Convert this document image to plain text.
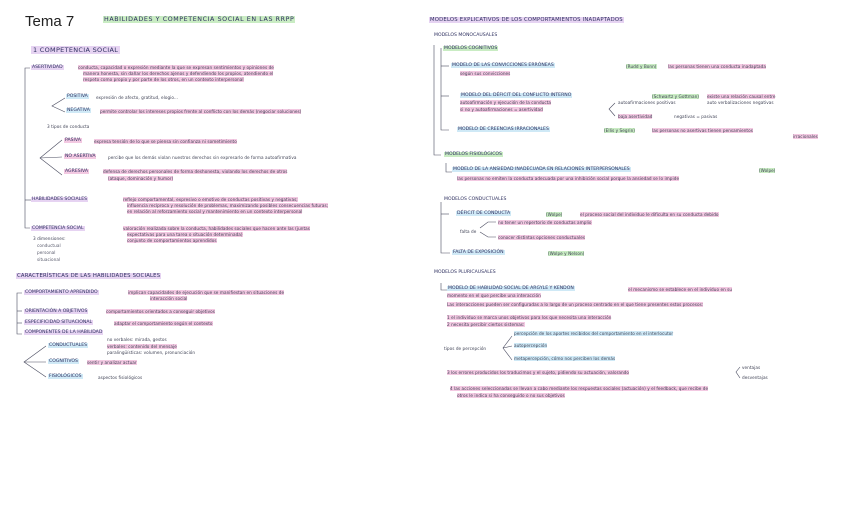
Tema 7	HABILIDADES Y COMPETENCIA SOCIAL EN LAS RRPP
1 COMPETENCIA SOCIAL
ASERTIVIDAD	conducta, capacidad o expresión mediante la que se expresan sentimientos y opiniones de
manera honesta, sin dañar los derechos ajenos y defendiendo los propios, atendiendo el
respeto como propio y por parte de los otros, en un contexto interpersonal
POSITIVA expresión de afecto, gratitud, elogio...
NEGATIVA permite controlar los intereses propios frente al conflicto con los demás (negociar soluciones)
3 tipos de conducta
PASIVA	expresa tensión de lo que se piensa sin confianza ni sometimiento
NO ASERTIVA	percibe que los demás violan nuestros derechos sin expresarlo de forma autoafirmativa
AGRESIVA	defensa de derechos personales de forma deshonesta, violando los derechos de otros
(ataque, dominación y humor)
HABILIDADES SOCIALES	reflejo comportamental, expresivo o emotivo de conductas positivas y negativas;
influencia recíproca y resolución de problemas, maximizando posibles consecuencias futuras;
en relación al reforzamiento social y mantenimiento en un contexto interpersonal
COMPETENCIA SOCIAL	valoración realizada sobre la conducta, habilidades sociales que hacen ante las (juntas
expectativas para una tarea o situación determinada)
conjunto de comportamientos aprendidos
3 dimensiones:
conductual
personal
situacional
CARACTERÍSTICAS DE LAS HABILIDADES SOCIALES
COMPORTAMIENTO APRENDIDO	implican capacidades de ejecución que se manifiestan en situaciones de
interacción social
ORIENTACIÓN A OBJETIVOS	comportamientos orientados a conseguir objetivos
ESPECIFICIDAD SITUACIONAL	adaptar el comportamiento según el contexto
COMPONENTES DE LA HABILIDAD
CONDUCTUALES
no verbales: mirada, gestos
verbales: contenido del mensaje
paralingüísticas: volumen, pronunciación
COGNITIVOS sentir y analizar actuar
FISIOLÓGICOS	aspectos fisiológicos
MODELOS EXPLICATIVOS DE LOS COMPORTAMIENTOS INADAPTADOS
MODELOS MONOCAUSALES
MODELOS COGNITIVOS
MODELO DE LAS CONVICCIONES ERRÓNEAS	(Rudd y Bonn)	las personas tienen una conducta inadaptada
según sus convicciones
MODELO DEL DÉFICIT DEL CONFLICTO INTERNO	(Schwartz y Gottman) existe una relación causal entre
autoafirmación y ejecución de la conducta	autoafirmaciones positivas
si no y autoafirmaciones = asertividad
auto verbalizaciones negativas
baja asertividad	negativas = pasivas
MODELO DE CREENCIAS IRRACIONALES	(Ellis y Segrin)	las personas no asertivas tienen pensamientos
irracionales
MODELOS FISIOLÓGICOS
MODELO DE LA ANSIEDAD INADECUADA EN RELACIONES INTERPERSONALES	(Wolpe)
las personas no emiten la conducta adecuada por una inhibición social porque la ansiedad se lo impide
MODELOS CONDUCTUALES
DÉFICIT DE CONDUCTA	(Wolpe)	el proceso social del individuo le dificulta en su conducta debido
no tener un repertorio de conductas amplio
falta de
conocer distintas opciones conductuales
FALTA DE EXPOSICIÓN	(Wolpe y Nelson)
MODELOS PLURICAUSALES
MODELO DE HABILIDAD SOCIAL DE ARGYLE Y KENDON	el mecanismo se establece en el individuo en su
momento en el que percibe una interacción
Las interacciones pueden ser configuradas a lo largo de un proceso centrado en el que tiene presentes estos procesos:
1 el individuo se marca unos objetivos para los que necesita una interacción
2 necesita percibir ciertos sistemas:
tipos de percepción
percepción de los aportes recibidos del comportamiento en el interlocutor
autopercepción
metapercepción, cómo nos perciben los demás
3 los errores producidos los traducimos y el sujeto, pidiendo su actuación, valorando
ventajas
desventajas
4 las acciones seleccionadas se llevan a cabo mediante los respuestas sociales (actuación) y el feedback, que recibe de
otros le indica si ha conseguido o no sus objetivos
